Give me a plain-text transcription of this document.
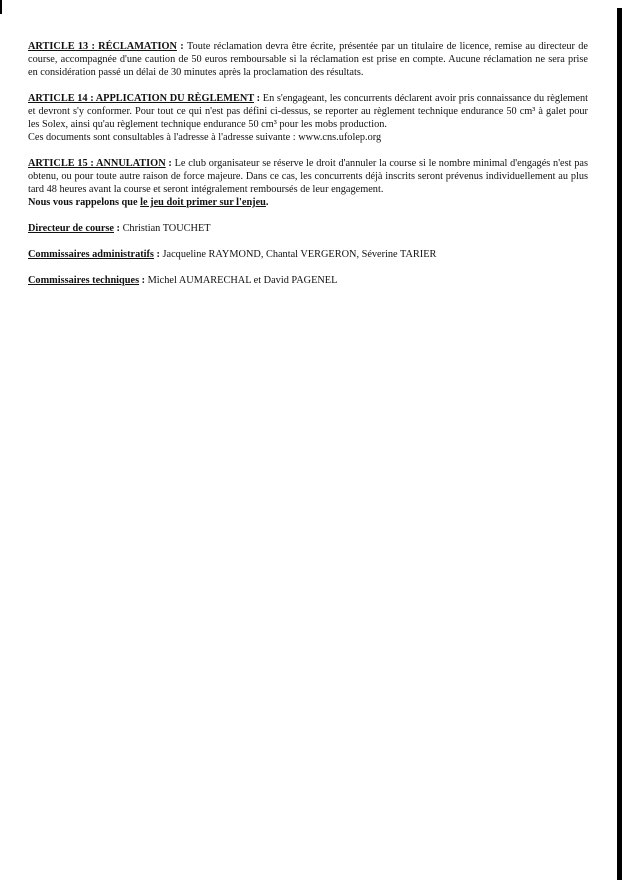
ARTICLE 13 : RÉCLAMATION : Toute réclamation devra être écrite, présentée par un titulaire de licence, remise au directeur de course, accompagnée d'une caution de 50 euros remboursable si la réclamation est prise en compte. Aucune réclamation ne sera prise en considération passé un délai de 30 minutes après la proclamation des résultats.

ARTICLE 14 : APPLICATION DU RÈGLEMENT : En s'engageant, les concurrents déclarent avoir pris connaissance du règlement et devront s'y conformer. Pour tout ce qui n'est pas défini ci-dessus, se reporter au règlement technique endurance 50 cm³ à galet pour les Solex, ainsi qu'au règlement technique endurance 50 cm³ pour les mobs production.
Ces documents sont consultables à l'adresse à l'adresse suivante : www.cns.ufolep.org

ARTICLE 15 : ANNULATION : Le club organisateur se réserve le droit d'annuler la course si le nombre minimal d'engagés n'est pas obtenu, ou pour toute autre raison de force majeure. Dans ce cas, les concurrents déjà inscrits seront prévenus individuellement au plus tard 48 heures avant la course et seront intégralement remboursés de leur engagement.
Nous vous rappelons que le jeu doit primer sur l'enjeu.

Directeur de course : Christian TOUCHET
Commissaires administratifs : Jacqueline RAYMOND, Chantal VERGERON, Séverine TARIER
Commissaires techniques : Michel AUMARECHAL et David PAGENEL
